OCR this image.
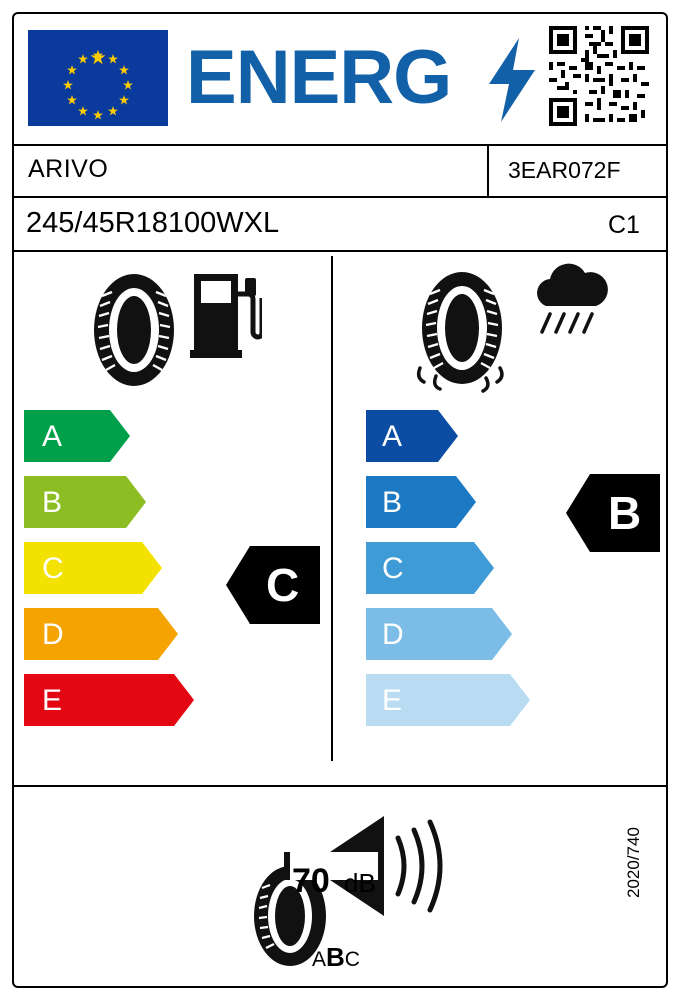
ENERG
ARIVO	3EAR072F
245/45R18100WXL	C1
A
B
C
D
E
C
A
B
C
D
E
B
70 dB
ABC
2020/740
